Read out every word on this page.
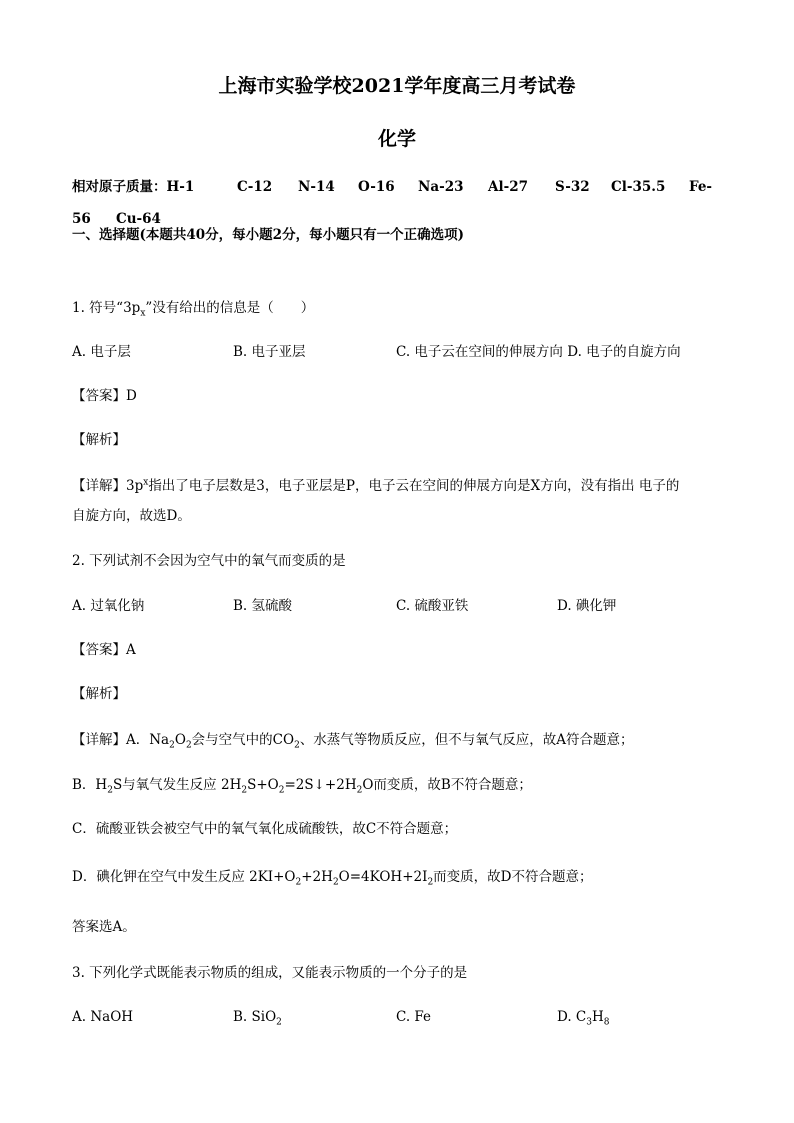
上海市实验学校2021学年度高三月考试卷
化学
相对原子质量：H-1	C-12 N-14 O-16 Na-23 Al-27 S-32 Cl-35.5 Fe-
56 Cu-64
一、选择题(本题共40分，每小题2分，每小题只有一个正确选项)
1. 符号“$3p_x$”没有给出的信息是（　　）
A. 电子层	B. 电子亚层	C. 电子云在空间的伸展方向 D. 电子的自旋方向
【答案】D
【解析】
【详解】$3p^x$指出了电子层数是3，电子亚层是P，电子云在空间的伸展方向是X方向，没有指出 电子的
自旋方向，故选D。
2. 下列试剂不会因为空气中的氧气而变质的是
A. 过氧化钠	B. 氢硫酸	C. 硫酸亚铁	D. 碘化钾
【答案】A
【解析】
【详解】A．$Na_2O_2$会与空气中的$CO_2$、水蒸气等物质反应，但不与氧气反应，故A符合题意；
B．$H_2S$与氧气发生反应 $2H_2S+O_2=2S↓+2H_2O$而变质，故B不符合题意；
C．硫酸亚铁会被空气中的氧气氧化成硫酸铁，故C不符合题意；
D．碘化钾在空气中发生反应 $2KI+O_2+2H_2O=4KOH+2I_2$而变质，故D不符合题意；
答案选A。
3. 下列化学式既能表示物质的组成，又能表示物质的一个分子的是
A. NaOH	B. SiO$_2$	C. Fe	D. $C_3H_8$
